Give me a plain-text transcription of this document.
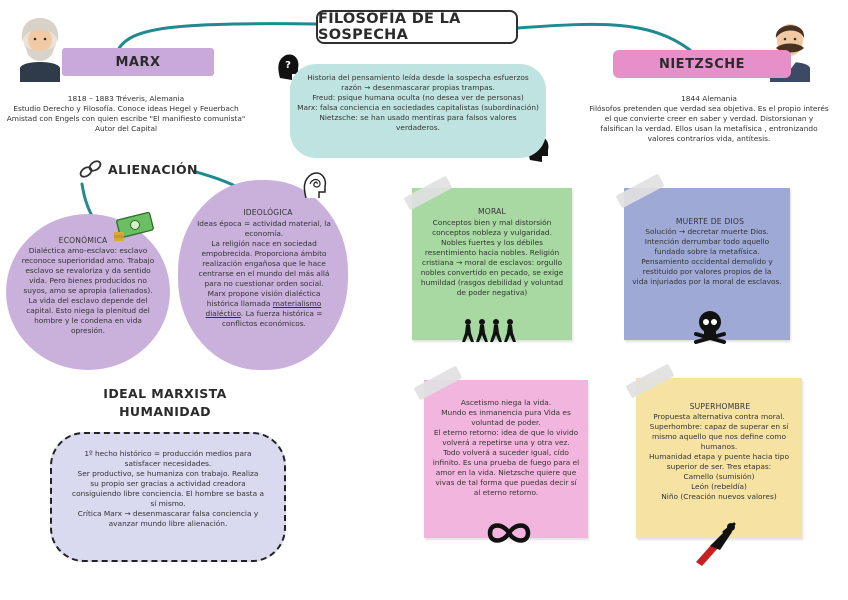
FILOSOFÍA DE LA SOSPECHA
MARX
1818 – 1883 Tréveris, Alemania
Estudio Derecho y Filosofía. Conoce ideas Hegel y Feuerbach
Amistad con Engels con quien escribe "El manifiesto comunista"
Autor del Capital
NIETZSCHE
1844 Alemania
Filósofos pretenden que verdad sea objetiva. Es el propio interés
el que convierte creer en saber y verdad. Distorsionan y
falsifican la verdad. Ellos usan la metafísica , entronizando
valores contrarios vida, antítesis.
?
Historia del pensamiento leída desde la sospecha esfuerzos
razón → desenmascarar propias trampas.
Freud: psique humana oculta (no desea ver de personas)
Marx: falsa conciencia en sociedades capitalistas (subordinación)
Nietzsche: se han usado mentiras para falsos valores
verdaderos.
ALIENACIÓN
ECONÓMICA
Dialéctica amo-esclavo: esclavo
reconoce superioridad amo. Trabajo
esclavo se revaloriza y da sentido
vida. Pero bienes producidos no
suyos, amo se apropia (alienados).
La vida del esclavo depende del
capital. Esto niega la plenitud del
hombre y le condena en vida
opresión.
IDEOLÓGICA
Ideas época = actividad material, la
economía.
La religión nace en sociedad
empobrecida. Proporciona ámbito
realización engañosa que le hace
centrarse en el mundo del más allá
para no cuestionar orden social.
Marx propone visión dialéctica
histórica llamada materialismo
dialéctico. La fuerza histórica =
conflictos económicos.
IDEAL MARXISTA
HUMANIDAD
1º hecho histórico = producción medios para
satisfacer necesidades.
Ser productivo, se humaniza con trabajo. Realiza
su propio ser gracias a actividad creadora
consiguiendo libre conciencia. El hombre se basta a
sí mismo.
Crítica Marx → desenmascarar falsa conciencia y
avanzar mundo libre alienación.
MORAL
Conceptos bien y mal distorsión
conceptos nobleza y vulgaridad.
Nobles fuertes y los débiles
resentimiento hacia nobles. Religión
cristiana → moral de esclavos: orgullo
nobles convertido en pecado, se exige
humildad (rasgos debilidad y voluntad
de poder negativa)
MUERTE DE DIOS
Solución → decretar muerte Dios.
Intención derrumbar todo aquello
fundado sobre la metafísica.
Pensamiento occidental demolido y
restituido por valores propios de la
vida injuriados por la moral de esclavos.
Ascetismo niega la vida.
Mundo es inmanencia pura Vida es
voluntad de poder.
El eterno retorno: idea de que lo vivido
volverá a repetirse una y otra vez.
Todo volverá a suceder igual, cído
infinito. Es una prueba de fuego para el
amor en la vida. Nietzsche quiere que
vivas de tal forma que puedas decir sí
al eterno retorno.
SUPERHOMBRE
Propuesta alternativa contra moral.
Superhombre: capaz de superar en sí
mismo aquello que nos define como
humanos.
Humanidad etapa y puente hacia tipo
superior de ser. Tres etapas:
Camello (sumisión)
León (rebeldía)
Niño (Creación nuevos valores)
